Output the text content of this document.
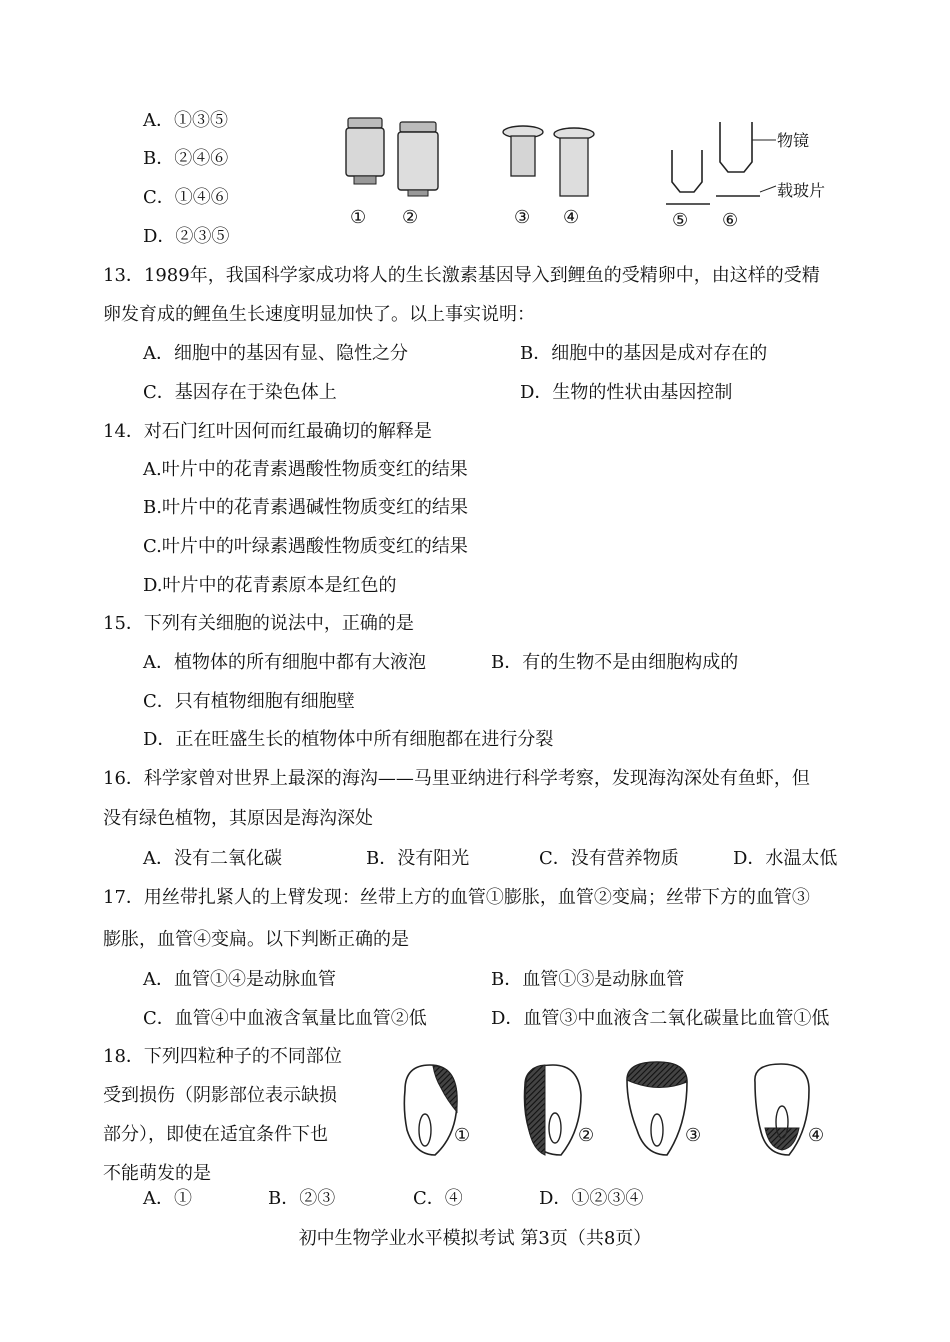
A．①③⑤
B．②④⑥
C．①④⑥
D．②③⑤
物镜
载玻片
① ②	③ ④	⑤ ⑥
13．1989年，我国科学家成功将人的生长激素基因导入到鲤鱼的受精卵中，由这样的受精
卵发育成的鲤鱼生长速度明显加快了。以上事实说明：
A．细胞中的基因有显、隐性之分	B．细胞中的基因是成对存在的
C．基因存在于染色体上	D．生物的性状由基因控制
14．对石门红叶因何而红最确切的解释是
A.叶片中的花青素遇酸性物质变红的结果
B.叶片中的花青素遇碱性物质变红的结果
C.叶片中的叶绿素遇酸性物质变红的结果
D.叶片中的花青素原本是红色的
15．下列有关细胞的说法中，正确的是
A．植物体的所有细胞中都有大液泡	B．有的生物不是由细胞构成的
C．只有植物细胞有细胞壁
D．正在旺盛生长的植物体中所有细胞都在进行分裂
16．科学家曾对世界上最深的海沟——马里亚纳进行科学考察，发现海沟深处有鱼虾，但
没有绿色植物，其原因是海沟深处
A．没有二氧化碳	B．没有阳光	C．没有营养物质	D．水温太低
17．用丝带扎紧人的上臂发现：丝带上方的血管①膨胀，血管②变扁；丝带下方的血管③
膨胀，血管④变扁。以下判断正确的是
A．血管①④是动脉血管	B．血管①③是动脉血管
C．血管④中血液含氧量比血管②低	D．血管③中血液含二氧化碳量比血管①低
18．下列四粒种子的不同部位
受到损伤（阴影部位表示缺损
部分），即使在适宜条件下也
不能萌发的是
①	②	③	④
A．①	B．②③	C．④	D．①②③④
初中生物学业水平模拟考试 第3页（共8页）
